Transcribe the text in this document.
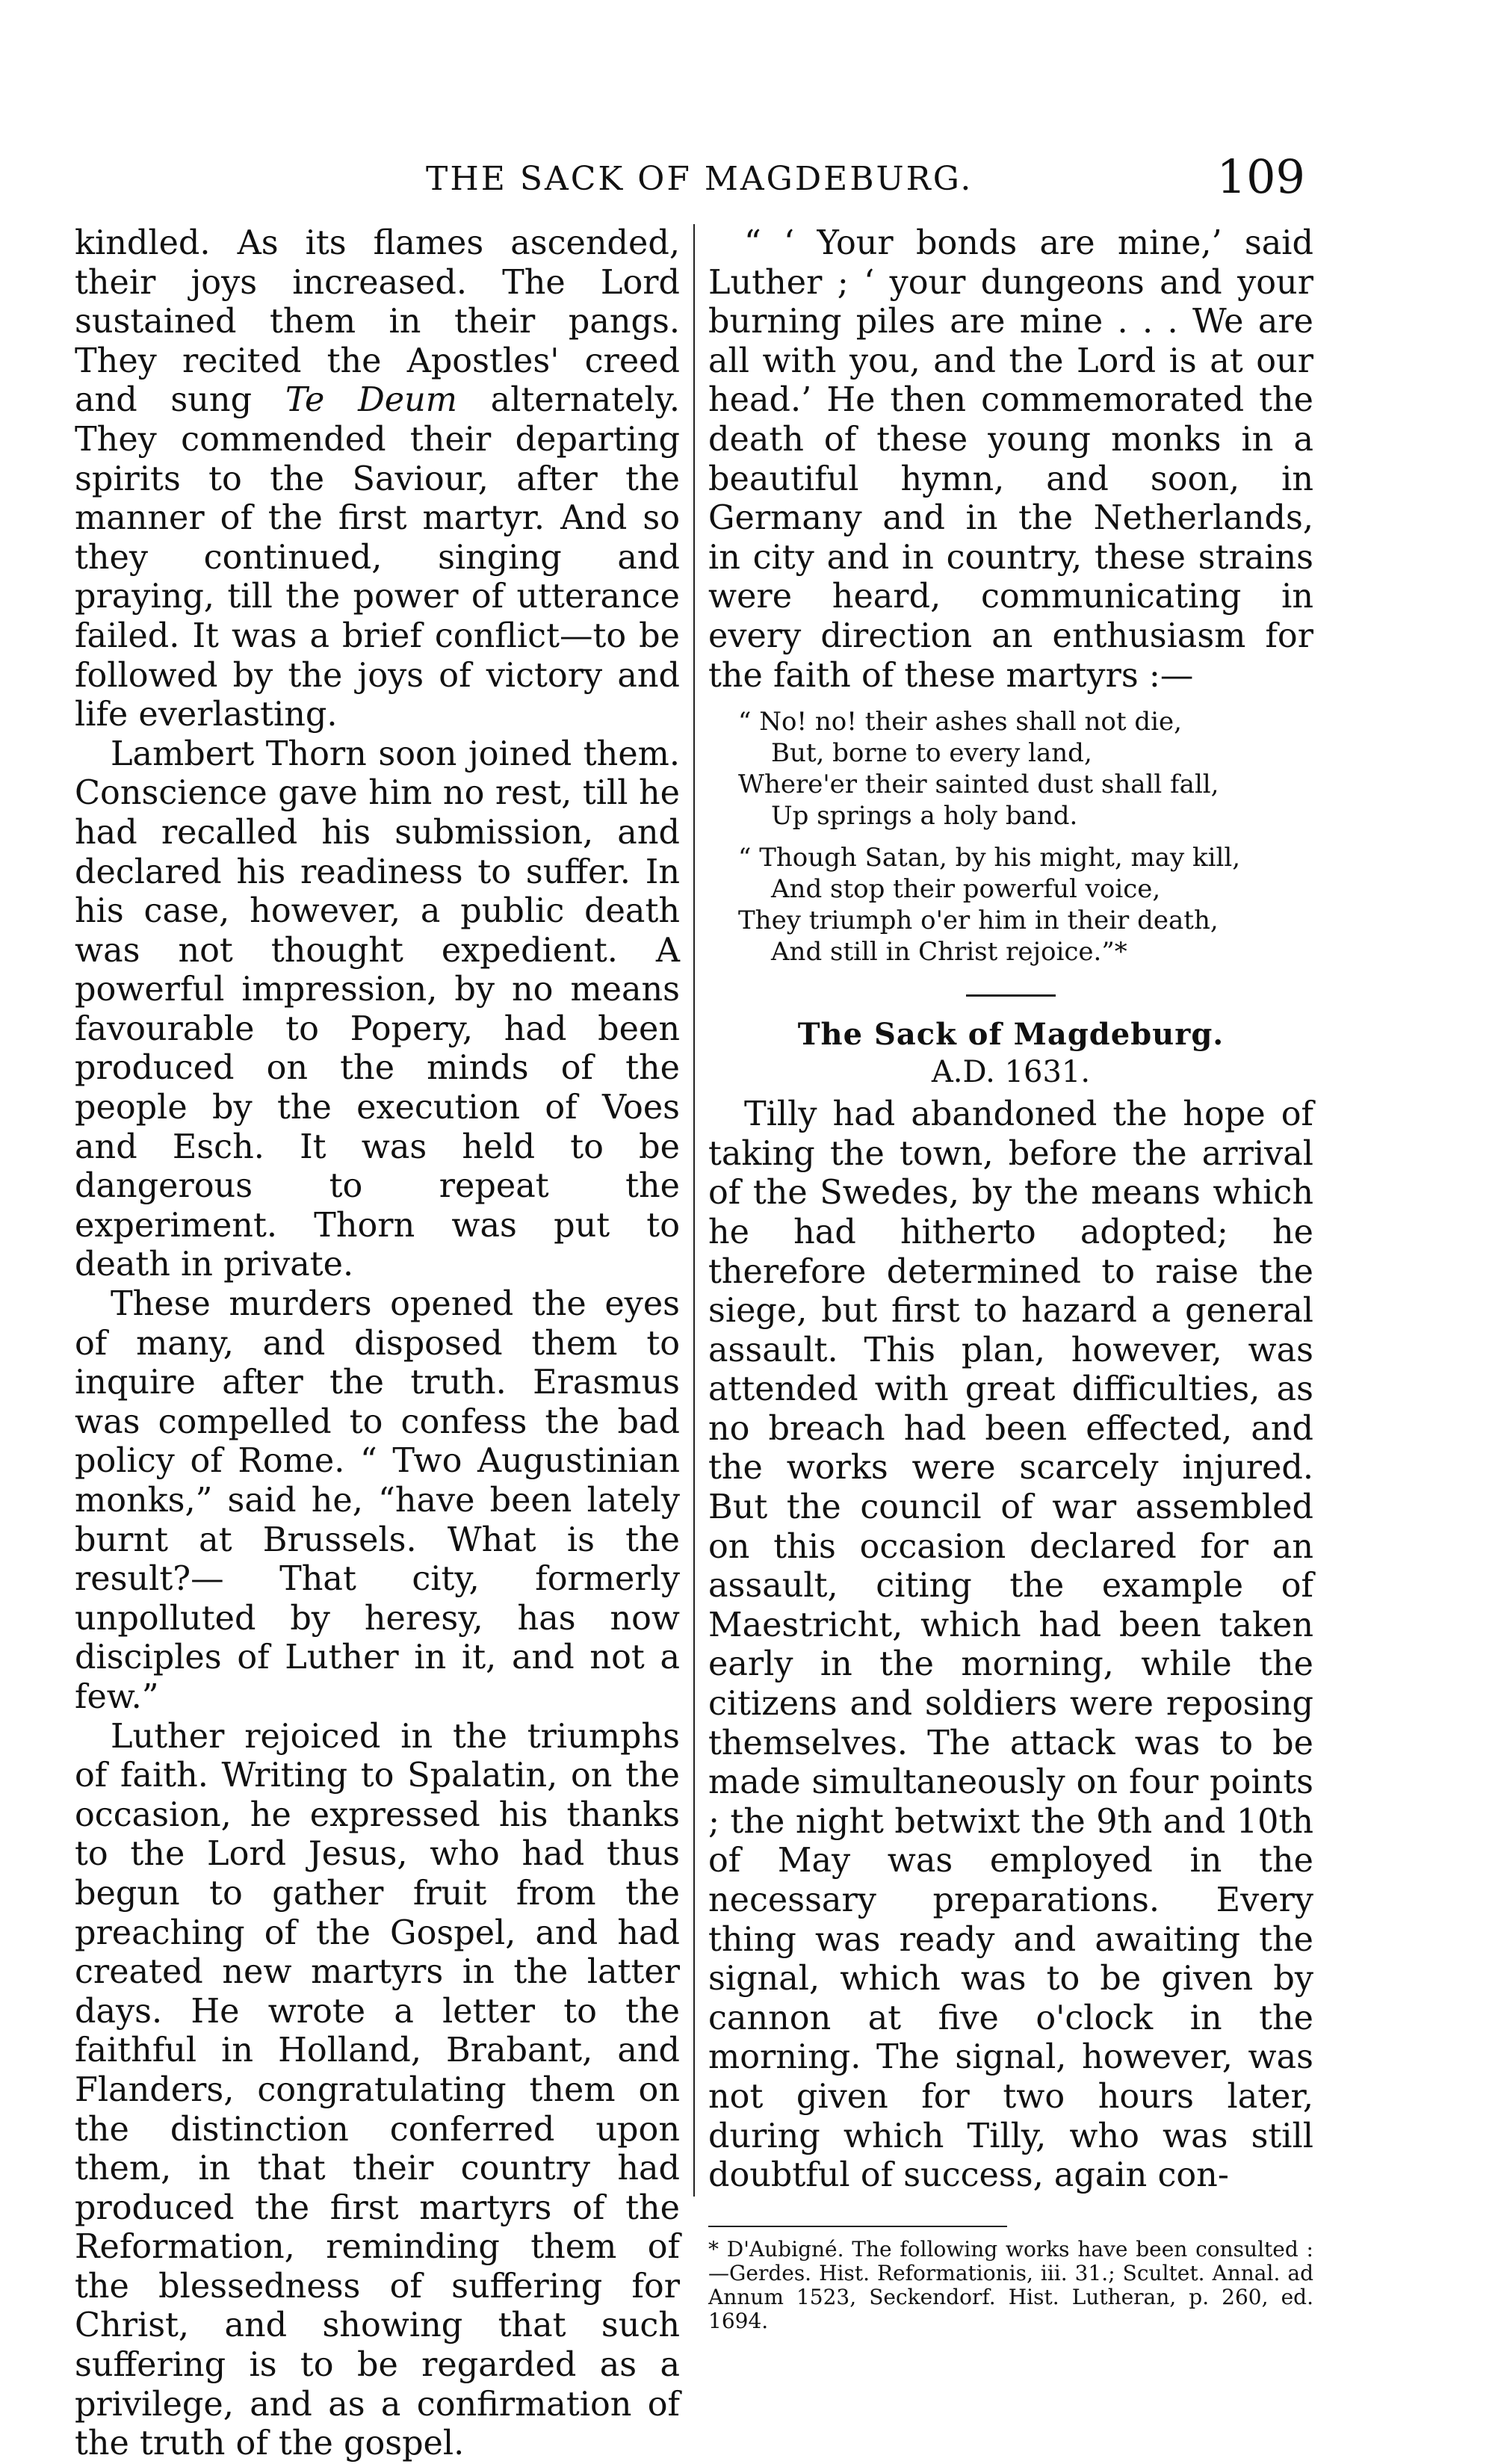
THE SACK OF MAGDEBURG.	109

kindled. As its flames ascended, their joys increased. The Lord sustained them in their pangs. They recited the Apostles' creed and sung Te Deum alternately. They commended their departing spirits to the Saviour, after the manner of the first martyr. And so they continued, singing and praying, till the power of utterance failed. It was a brief conflict—to be followed by the joys of victory and life everlasting.

Lambert Thorn soon joined them. Conscience gave him no rest, till he had recalled his submission, and declared his readiness to suffer. In his case, however, a public death was not thought expedient. A powerful impression, by no means favourable to Popery, had been produced on the minds of the people by the execution of Voes and Esch. It was held to be dangerous to repeat the experiment. Thorn was put to death in private.

These murders opened the eyes of many, and disposed them to inquire after the truth. Erasmus was compelled to confess the bad policy of Rome. “ Two Augustinian monks,” said he, “have been lately burnt at Brussels. What is the result?— That city, formerly unpolluted by heresy, has now disciples of Luther in it, and not a few.”

Luther rejoiced in the triumphs of faith. Writing to Spalatin, on the occasion, he expressed his thanks to the Lord Jesus, who had thus begun to gather fruit from the preaching of the Gospel, and had created new martyrs in the latter days. He wrote a letter to the faithful in Holland, Brabant, and Flanders, congratulating them on the distinction conferred upon them, in that their country had produced the first martyrs of the Reformation, reminding them of the blessedness of suffering for Christ, and showing that such suffering is to be regarded as a privilege, and as a confirmation of the truth of the gospel.

“ ‘ Your bonds are mine,’ said Luther ; ‘ your dungeons and your burning piles are mine . . . We are all with you, and the Lord is at our head.’ He then commemorated the death of these young monks in a beautiful hymn, and soon, in Germany and in the Netherlands, in city and in country, these strains were heard, communicating in every direction an enthusiasm for the faith of these martyrs :—

“ No! no! their ashes shall not die,
But, borne to every land,
Where'er their sainted dust shall fall,
Up springs a holy band.
“ Though Satan, by his might, may kill,
And stop their powerful voice,
They triumph o'er him in their death,
And still in Christ rejoice.”*
The Sack of Magdeburg.
A.D. 1631.

Tilly had abandoned the hope of taking the town, before the arrival of the Swedes, by the means which he had hitherto adopted; he therefore determined to raise the siege, but first to hazard a general assault. This plan, however, was attended with great difficulties, as no breach had been effected, and the works were scarcely injured. But the council of war assembled on this occasion declared for an assault, citing the example of Maestricht, which had been taken early in the morning, while the citizens and soldiers were reposing themselves. The attack was to be made simultaneously on four points ; the night betwixt the 9th and 10th of May was employed in the necessary preparations. Every thing was ready and awaiting the signal, which was to be given by cannon at five o'clock in the morning. The signal, however, was not given for two hours later, during which Tilly, who was still doubtful of success, again con-

* D'Aubigné. The following works have been consulted :—Gerdes. Hist. Reformationis, iii. 31.; Scultet. Annal. ad Annum 1523, Seckendorf. Hist. Lutheran, p. 260, ed. 1694.
